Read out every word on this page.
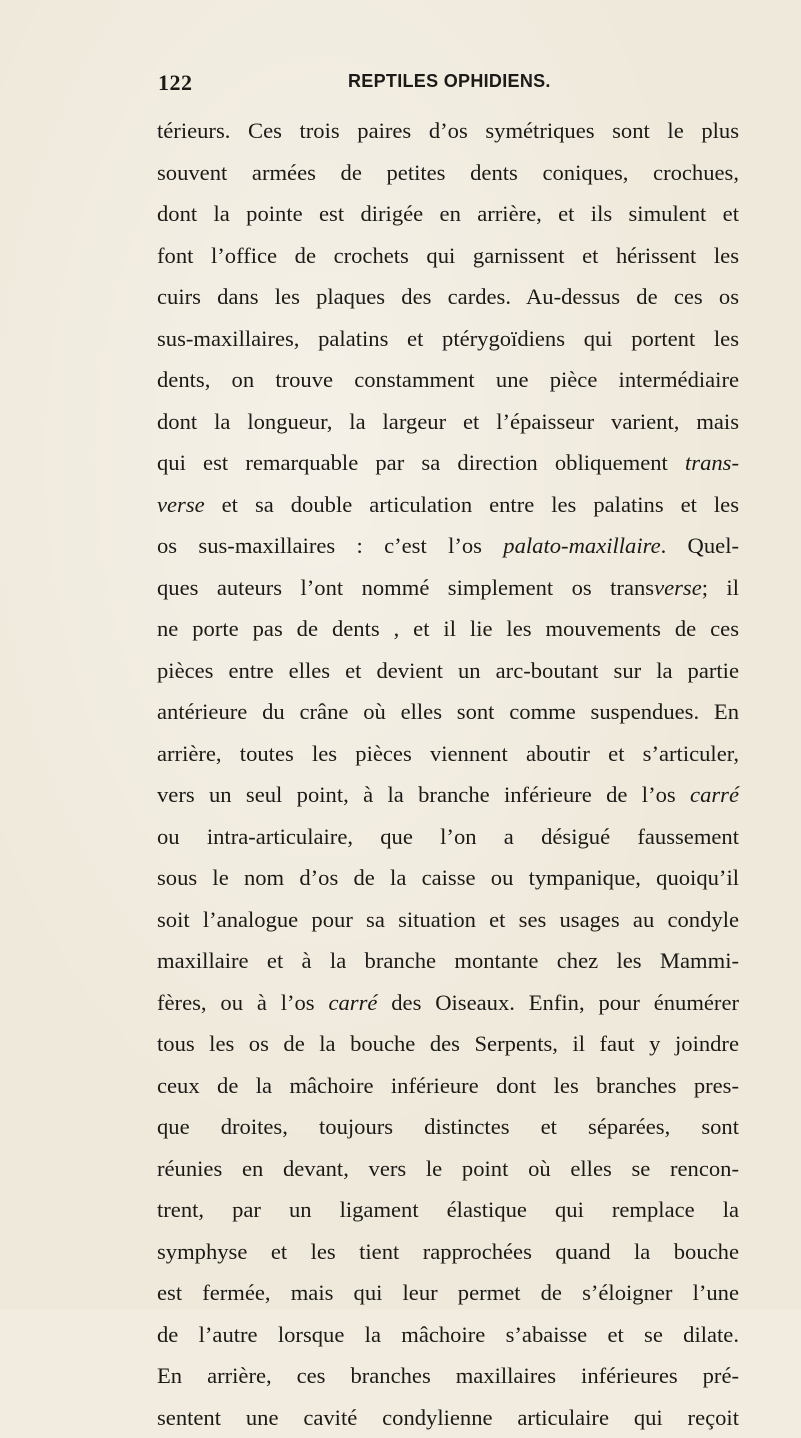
122	REPTILES OPHIDIENS.
térieurs. Ces trois paires d’os symétriques sont le plus
souvent armées de petites dents coniques, crochues,
dont la pointe est dirigée en arrière, et ils simulent et
font l’office de crochets qui garnissent et hérissent les
cuirs dans les plaques des cardes. Au-dessus de ces os
sus-maxillaires, palatins et ptérygoïdiens qui portent les
dents, on trouve constamment une pièce intermédiaire
dont la longueur, la largeur et l’épaisseur varient, mais
qui est remarquable par sa direction obliquement trans-
verse et sa double articulation entre les palatins et les
os sus-maxillaires : c’est l’os palato-maxillaire. Quel-
ques auteurs l’ont nommé simplement os transverse; il
ne porte pas de dents , et il lie les mouvements de ces
pièces entre elles et devient un arc-boutant sur la partie
antérieure du crâne où elles sont comme suspendues. En
arrière, toutes les pièces viennent aboutir et s’articuler,
vers un seul point, à la branche inférieure de l’os carré
ou intra-articulaire, que l’on a désigué faussement
sous le nom d’os de la caisse ou tympanique, quoiqu’il
soit l’analogue pour sa situation et ses usages au condyle
maxillaire et à la branche montante chez les Mammi-
fères, ou à l’os carré des Oiseaux. Enfin, pour énumérer
tous les os de la bouche des Serpents, il faut y joindre
ceux de la mâchoire inférieure dont les branches pres-
que droites, toujours distinctes et séparées, sont
réunies en devant, vers le point où elles se rencon-
trent, par un ligament élastique qui remplace la
symphyse et les tient rapprochées quand la bouche
est fermée, mais qui leur permet de s’éloigner l’une
de l’autre lorsque la mâchoire s’abaisse et se dilate.
En arrière, ces branches maxillaires inférieures pré-
sentent une cavité condylienne articulaire qui reçoit
